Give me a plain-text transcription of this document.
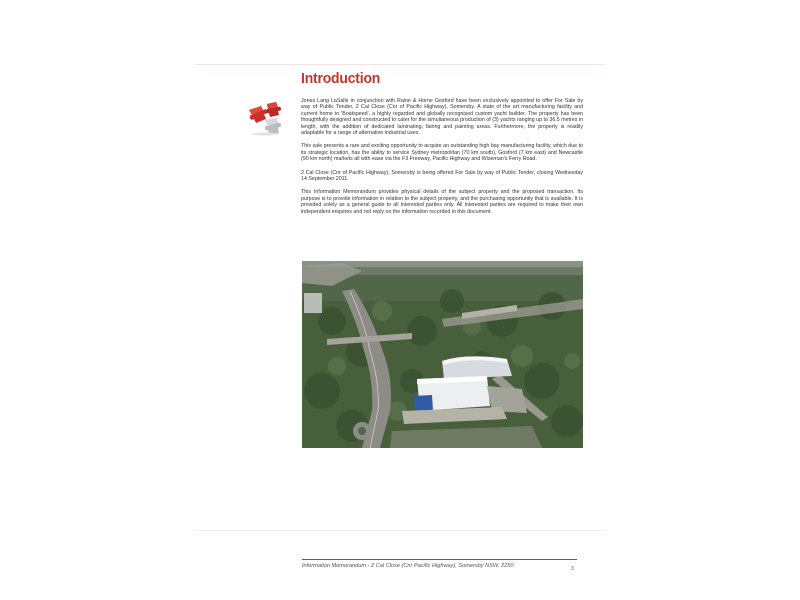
Introduction

Jones Lang LaSalle in conjunction with Raine & Horne Gosford have been exclusively appointed to offer For Sale by way of Public Tender, 2 Cal Close (Cnr of Pacific Highway), Somersby. A state of the art manufacturing facility and current home to 'Boatspeed', a highly regarded and globally recognised custom yacht builder. The property has been thoughtfully designed and constructed to cater for the simultaneous production of (3) yachts ranging up to 36.5 metres in length, with the addition of dedicated laminating, fairing and painting areas. Furthermore, the property is readily adaptable for a range of alternative industrial uses.

This sale presents a rare and exciting opportunity to acquire an outstanding high bay manufacturing facility, which due to its strategic location, has the ability to service Sydney metropolitan (70 km south), Gosford (7 km east) and Newcastle (90 km north) markets all with ease via the F3 Freeway, Pacific Highway and Wiseman's Ferry Road.

2 Cal Close (Cnr of Pacific Highway), Somersby is being offered For Sale by way of Public Tender, closing Wednesday 14 September 2011.

This Information Memorandum provides physical details of the subject property and the proposed transaction. Its purpose is to provide information in relation to the subject property, and the purchasing opportunity that is available. It is provided solely as a general guide to all interested parties only. All interested parties are required to make their own independent enquires and not reply on the information recorded in this document.

Information Memorandum - 2 Cal Close (Cnr Pacific Highway), Somersby NSW, 2250	3
